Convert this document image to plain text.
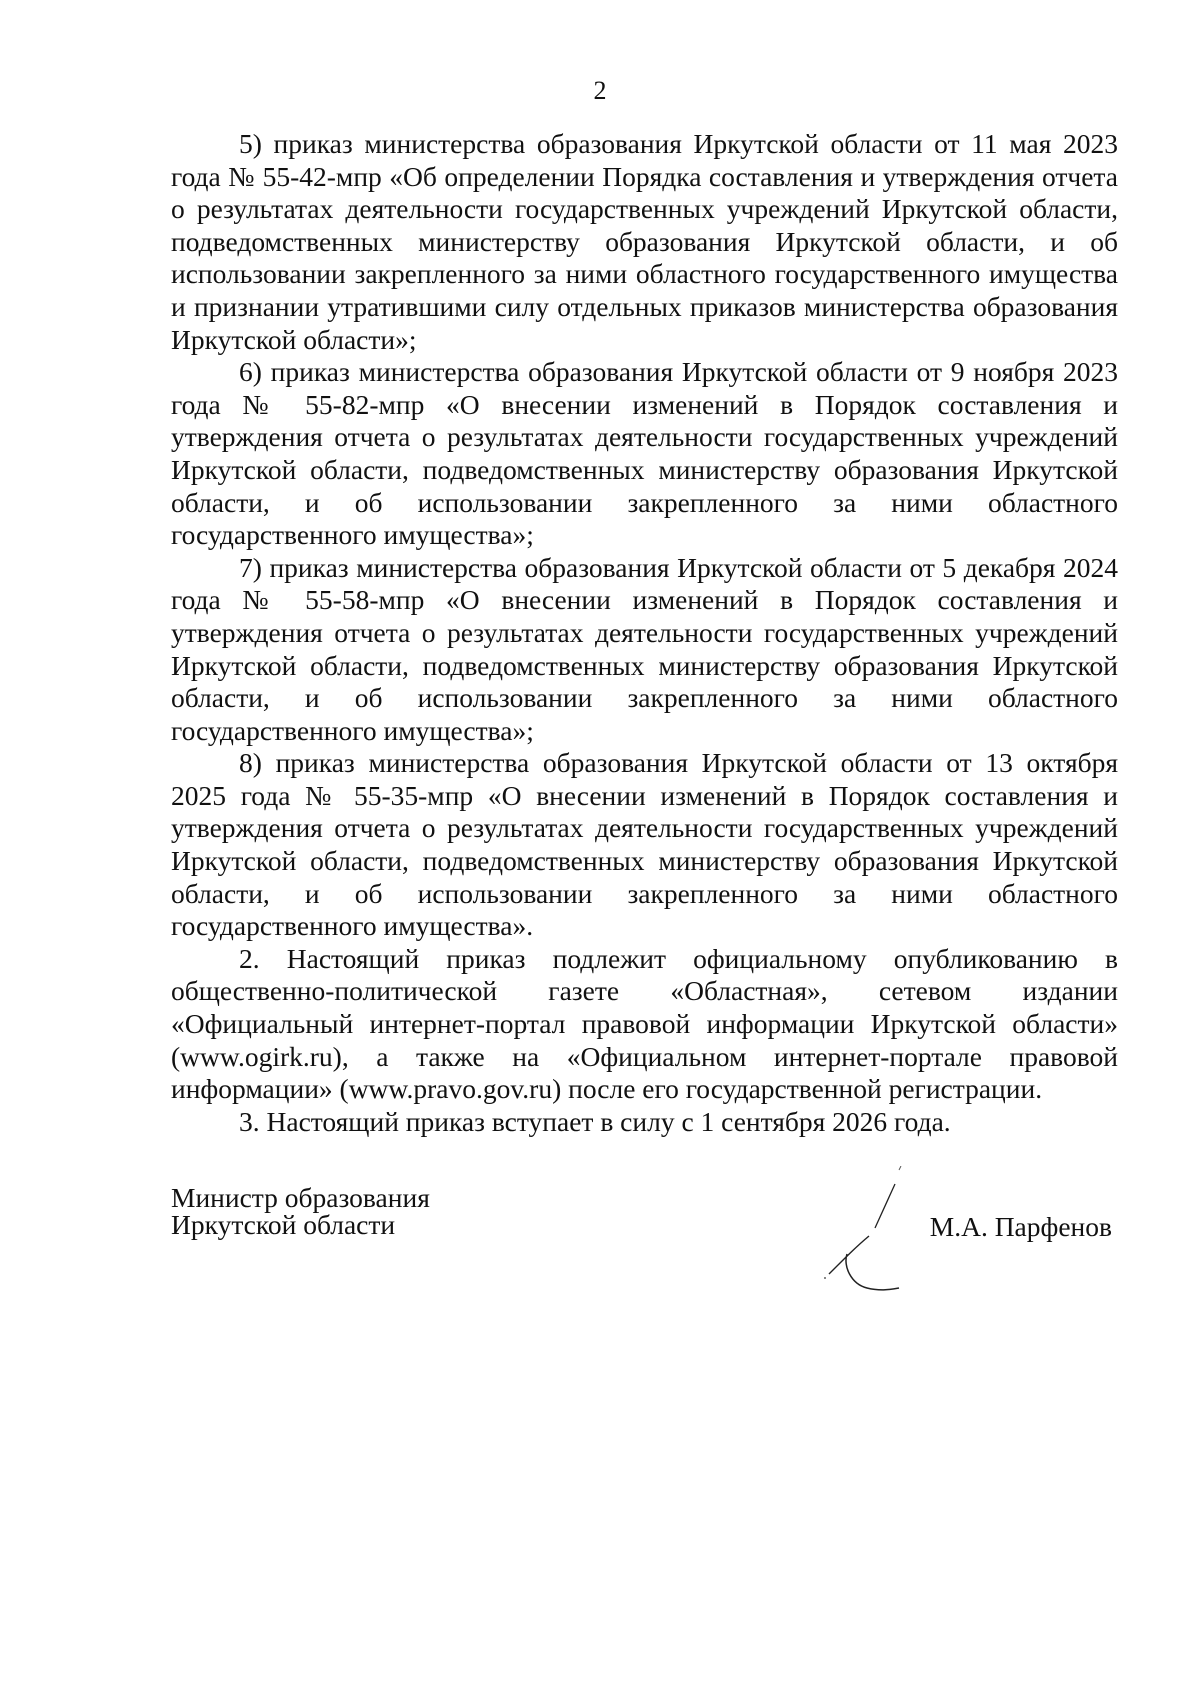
2

5) приказ министерства образования Иркутской области от 11 мая 2023 года № 55-42-мпр «Об определении Порядка составления и утверждения отчета о результатах деятельности государственных учреждений Иркутской области, подведомственных министерству образования Иркутской области, и об использовании закрепленного за ними областного государственного имущества и признании утратившими силу отдельных приказов министерства образования Иркутской области»;

6) приказ министерства образования Иркутской области от 9 ноября 2023 года № 55-82-мпр «О внесении изменений в Порядок составления и утверждения отчета о результатах деятельности государственных учреждений Иркутской области, подведомственных министерству образования Иркутской области, и об использовании закрепленного за ними областного государственного имущества»;

7) приказ министерства образования Иркутской области от 5 декабря 2024 года № 55-58-мпр «О внесении изменений в Порядок составления и утверждения отчета о результатах деятельности государственных учреждений Иркутской области, подведомственных министерству образования Иркутской области, и об использовании закрепленного за ними областного государственного имущества»;

8) приказ министерства образования Иркутской области от 13 октября 2025 года № 55-35-мпр «О внесении изменений в Порядок составления и утверждения отчета о результатах деятельности государственных учреждений Иркутской области, подведомственных министерству образования Иркутской области, и об использовании закрепленного за ними областного государственного имущества».

2. Настоящий приказ подлежит официальному опубликованию в общественно-политической газете «Областная», сетевом издании «Официальный интернет-портал правовой информации Иркутской области» (www.ogirk.ru), а также на «Официальном интернет-портале правовой информации» (www.pravo.gov.ru) после его государственной регистрации.

3. Настоящий приказ вступает в силу с 1 сентября 2026 года.

Министр образования
Иркутской области	М.А. Парфенов
